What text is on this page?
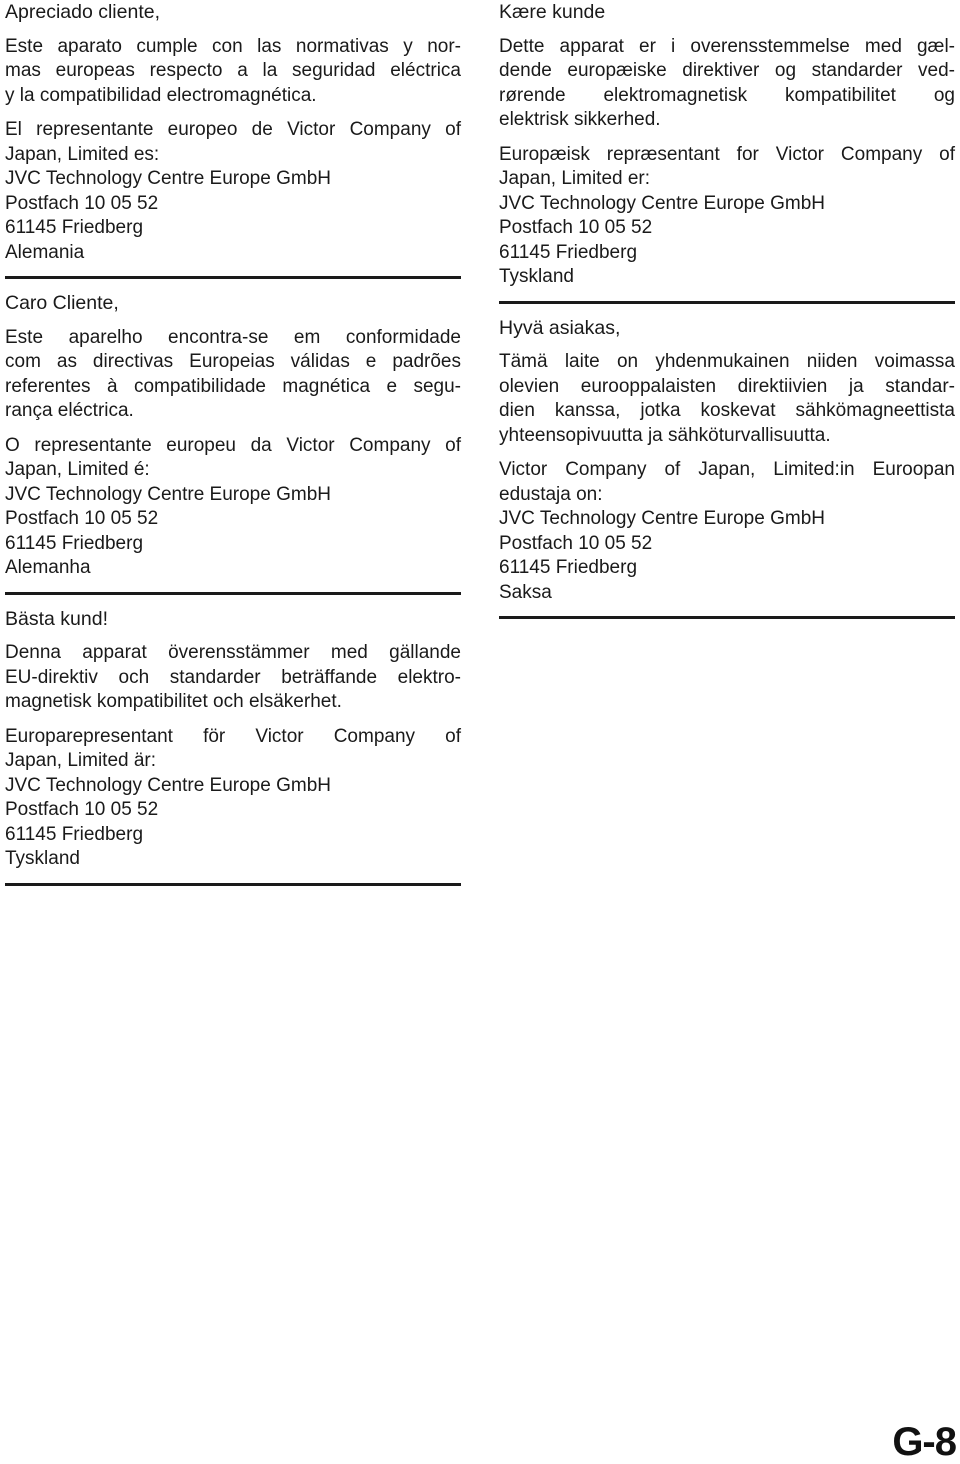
Apreciado cliente,

Este aparato cumple con las normativas y nor-
mas europeas respecto a la seguridad eléctrica
y la compatibilidad electromagnética.

El representante europeo de Victor Company of
Japan, Limited es:
JVC Technology Centre Europe GmbH
Postfach 10 05 52
61145 Friedberg
Alemania

Caro Cliente,

Este aparelho encontra-se em conformidade
com as directivas Europeias válidas e padrões
referentes à compatibilidade magnética e segu-
rança eléctrica.

O representante europeu da Victor Company of
Japan, Limited é:
JVC Technology Centre Europe GmbH
Postfach 10 05 52
61145 Friedberg
Alemanha

Bästa kund!

Denna apparat överensstämmer med gällande
EU-direktiv och standarder beträffande elektro-
magnetisk kompatibilitet och elsäkerhet.

Europarepresentant för Victor Company of
Japan, Limited är:
JVC Technology Centre Europe GmbH
Postfach 10 05 52
61145 Friedberg
Tyskland

Kære kunde

Dette apparat er i overensstemmelse med gæl-
dende europæiske direktiver og standarder ved-
rørende elektromagnetisk kompatibilitet og
elektrisk sikkerhed.

Europæisk repræsentant for Victor Company of
Japan, Limited er:
JVC Technology Centre Europe GmbH
Postfach 10 05 52
61145 Friedberg
Tyskland

Hyvä asiakas,

Tämä laite on yhdenmukainen niiden voimassa
olevien eurooppalaisten direktiivien ja standar-
dien kanssa, jotka koskevat sähkömagneettista
yhteensopivuutta ja sähköturvallisuutta.

Victor Company of Japan, Limited:in Euroopan
edustaja on:
JVC Technology Centre Europe GmbH
Postfach 10 05 52
61145 Friedberg
Saksa

G-8
